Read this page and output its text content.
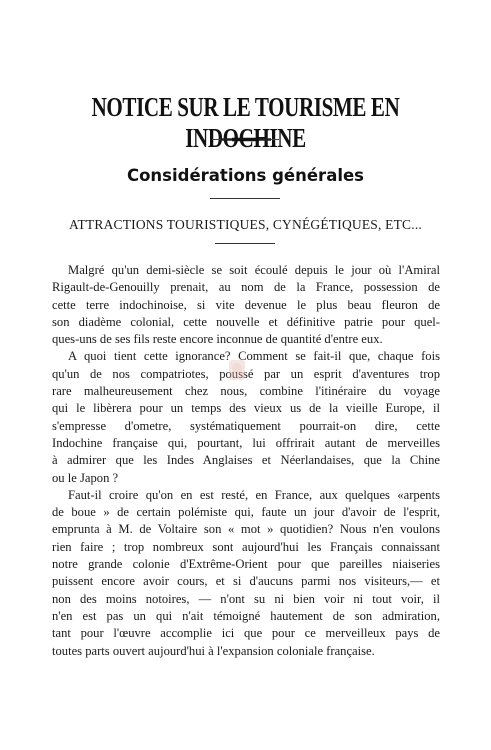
NOTICE SUR LE TOURISME EN INDOCHINE
Considérations générales

ATTRACTIONS TOURISTIQUES, CYNÉGÉTIQUES, ETC...

Malgré qu'un demi-siècle se soit écoulé depuis le jour où l'Amiral
Rigault-de-Genouilly prenait, au nom de la France, possession de
cette terre indochinoise, si vite devenue le plus beau fleuron de
son diadème colonial, cette nouvelle et définitive patrie pour quel-
ques-uns de ses fils reste encore inconnue de quantité d'entre eux.
A quoi tient cette ignorance? Comment se fait-il que, chaque fois
qu'un de nos compatriotes, poussé par un esprit d'aventures trop
rare malheureusement chez nous, combine l'itinéraire du voyage
qui le libèrera pour un temps des vieux us de la vieille Europe, il
s'empresse d'ometre, systématiquement pourrait-on dire, cette
Indochine française qui, pourtant, lui offrirait autant de merveilles
à admirer que les Indes Anglaises et Néerlandaises, que la Chine
ou le Japon ?
Faut-il croire qu'on en est resté, en France, aux quelques «arpents
de boue » de certain polémiste qui, faute un jour d'avoir de l'esprit,
emprunta à M. de Voltaire son « mot » quotidien? Nous n'en voulons
rien faire ; trop nombreux sont aujourd'hui les Français connaissant
notre grande colonie d'Extrême-Orient pour que pareilles niaiseries
puissent encore avoir cours, et si d'aucuns parmi nos visiteurs,— et
non des moins notoires, — n'ont su ni bien voir ni tout voir, il
n'en est pas un qui n'ait témoigné hautement de son admiration,
tant pour l'œuvre accomplie ici que pour ce merveilleux pays de
toutes parts ouvert aujourd'hui à l'expansion coloniale française.
